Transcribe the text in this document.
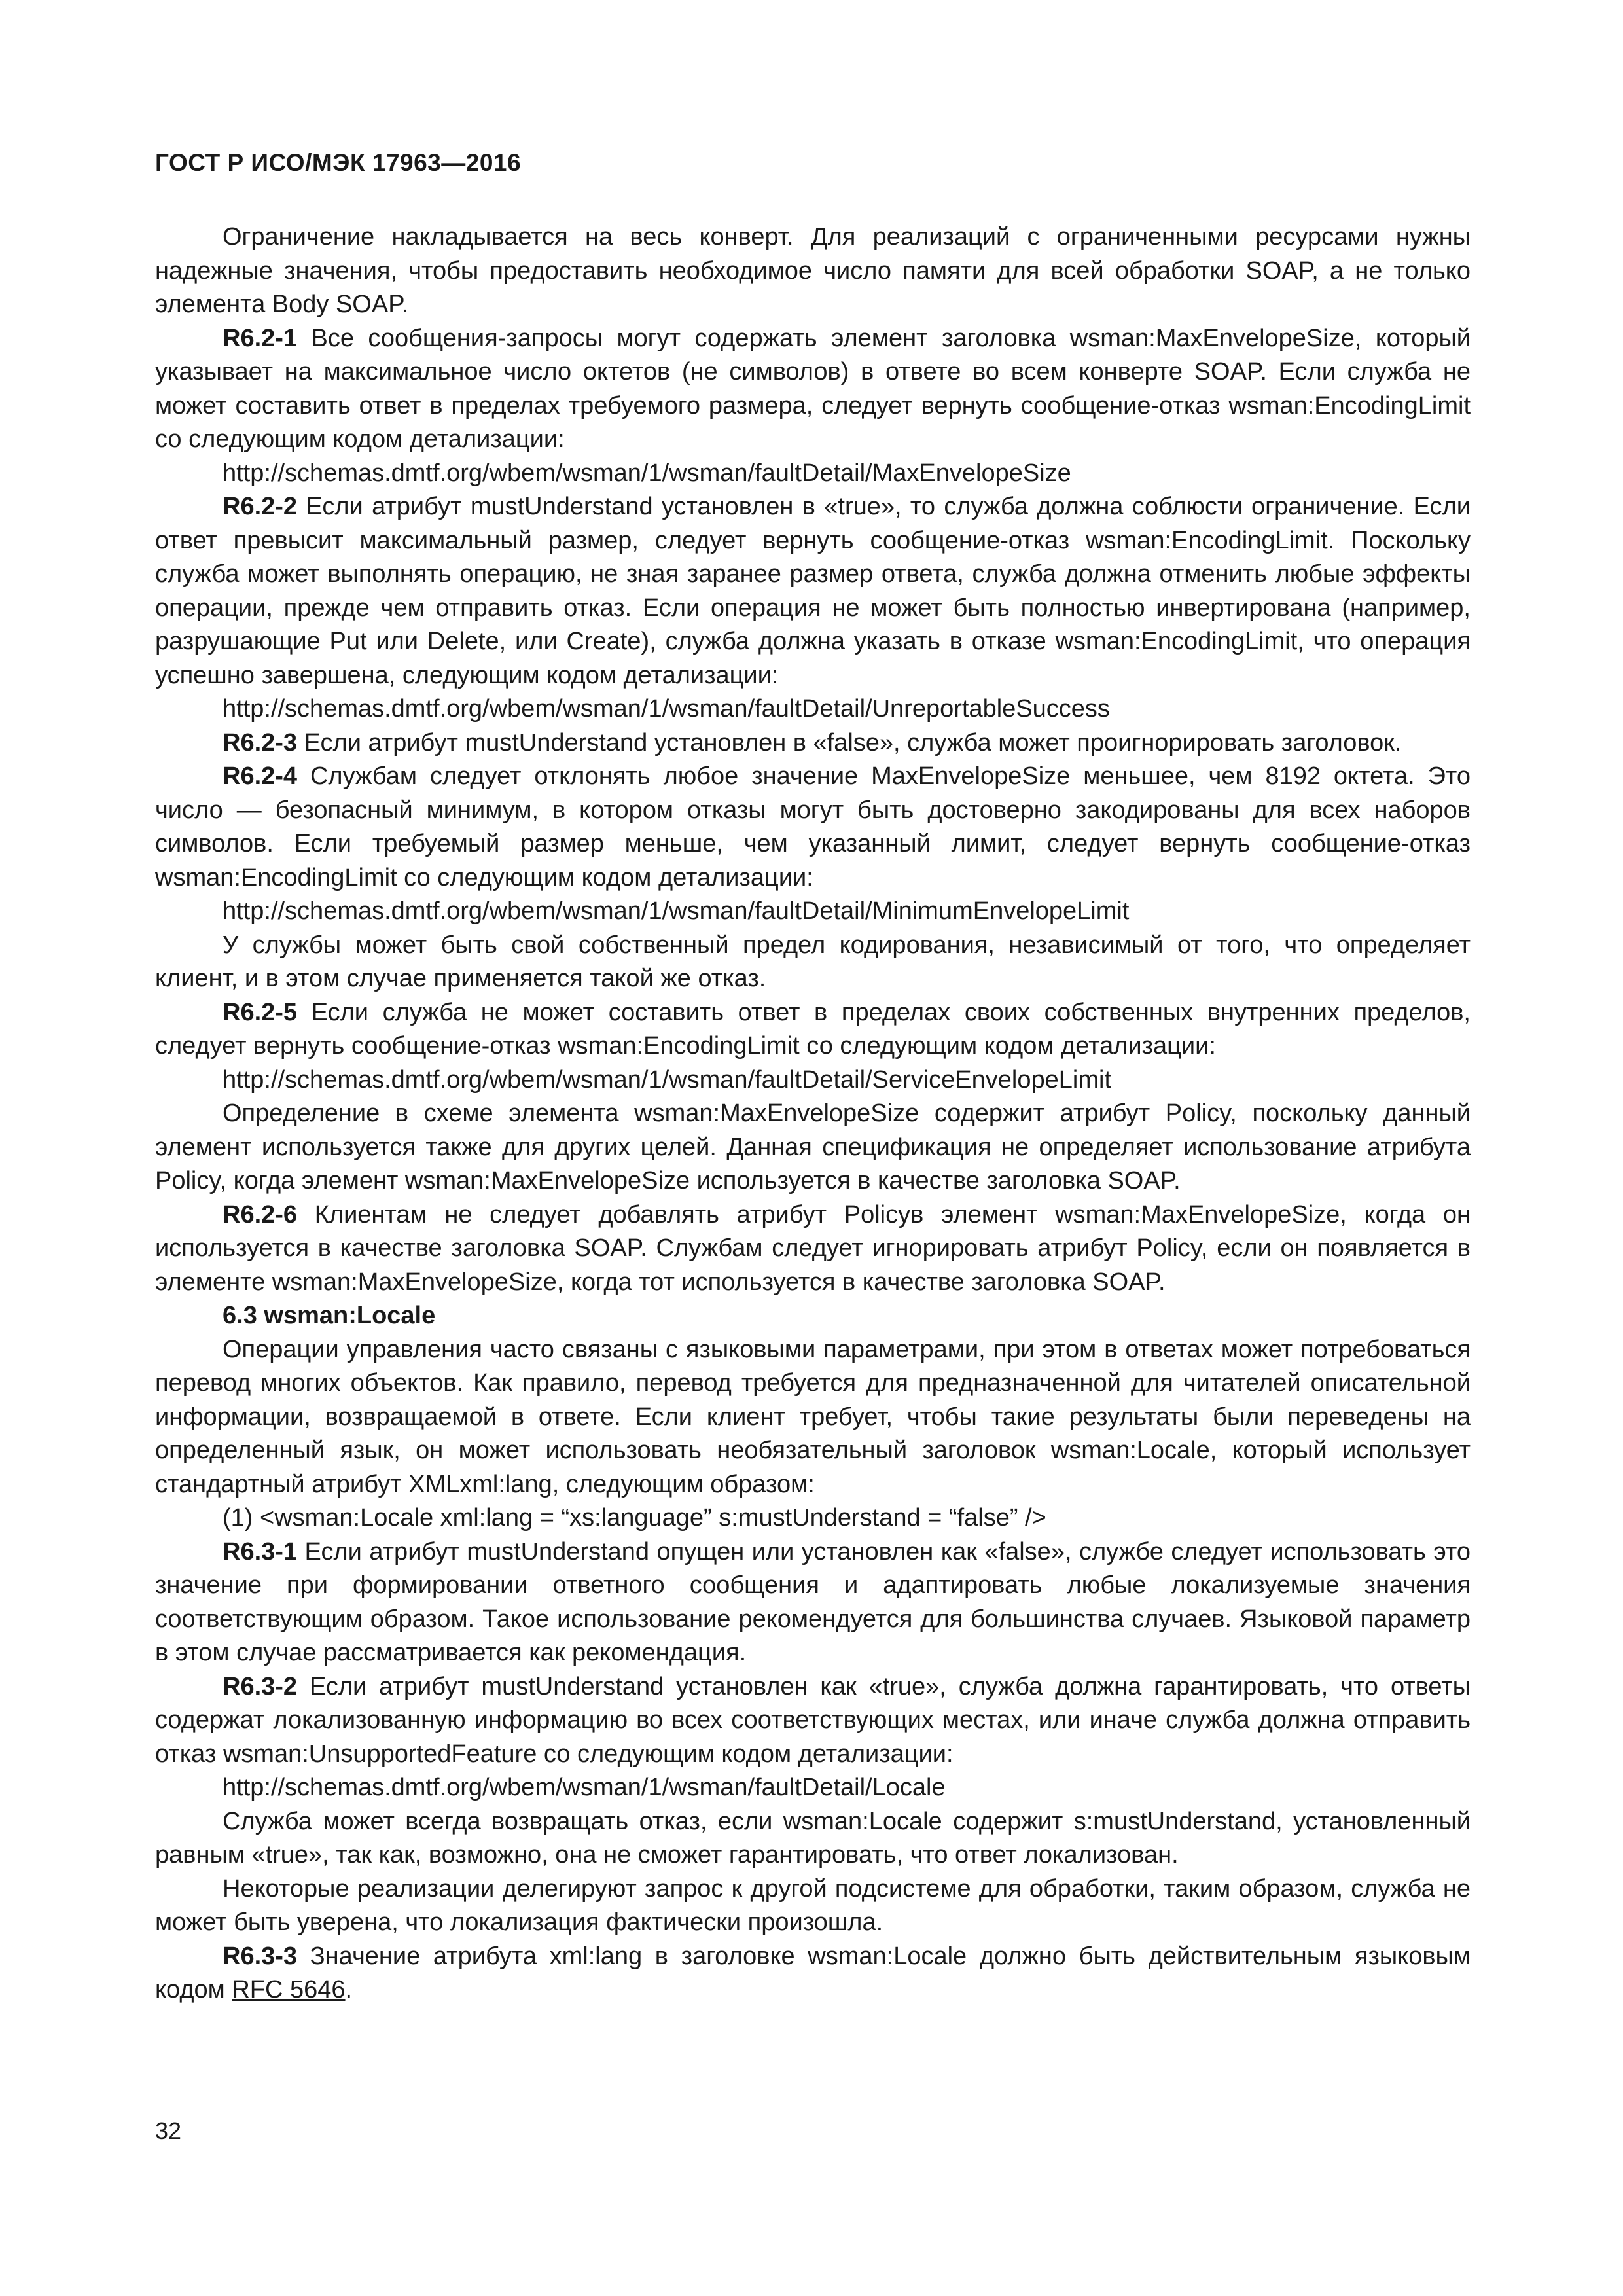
ГОСТ Р ИСО/МЭК 17963—2016

Ограничение накладывается на весь конверт. Для реализаций с ограниченными ресурсами нужны надежные значения, чтобы предоставить необходимое число памяти для всей обработки SOAP, а не только элемента Body SOAP.

R6.2-1 Все сообщения-запросы могут содержать элемент заголовка wsman:MaxEnvelopeSize, который указывает на максимальное число октетов (не символов) в ответе во всем конверте SOAP. Если служба не может составить ответ в пределах требуемого размера, следует вернуть сообщение-отказ wsman:EncodingLimit со следующим кодом детализации:

http://schemas.dmtf.org/wbem/wsman/1/wsman/faultDetail/MaxEnvelopeSize

R6.2-2 Если атрибут mustUnderstand установлен в «true», то служба должна соблюсти ограничение. Если ответ превысит максимальный размер, следует вернуть сообщение-отказ wsman:EncodingLimit. Поскольку служба может выполнять операцию, не зная заранее размер ответа, служба должна отменить любые эффекты операции, прежде чем отправить отказ. Если операция не может быть полностью инвертирована (например, разрушающие Put или Delete, или Create), служба должна указать в отказе wsman:EncodingLimit, что операция успешно завершена, следующим кодом детализации:

http://schemas.dmtf.org/wbem/wsman/1/wsman/faultDetail/UnreportableSuccess

R6.2-3 Если атрибут mustUnderstand установлен в «false», служба может проигнорировать заголовок.

R6.2-4 Службам следует отклонять любое значение MaxEnvelopeSize меньшее, чем 8192 октета. Это число — безопасный минимум, в котором отказы могут быть достоверно закодированы для всех наборов символов. Если требуемый размер меньше, чем указанный лимит, следует вернуть сообщение-отказ wsman:EncodingLimit со следующим кодом детализации:

http://schemas.dmtf.org/wbem/wsman/1/wsman/faultDetail/MinimumEnvelopeLimit

У службы может быть свой собственный предел кодирования, независимый от того, что определяет клиент, и в этом случае применяется такой же отказ.

R6.2-5 Если служба не может составить ответ в пределах своих собственных внутренних пределов, следует вернуть сообщение-отказ wsman:EncodingLimit со следующим кодом детализации:

http://schemas.dmtf.org/wbem/wsman/1/wsman/faultDetail/ServiceEnvelopeLimit

Определение в схеме элемента wsman:MaxEnvelopeSize содержит атрибут Policy, поскольку данный элемент используется также для других целей. Данная спецификация не определяет использование атрибута Policy, когда элемент wsman:MaxEnvelopeSize используется в качестве заголовка SOAP.

R6.2-6 Клиентам не следует добавлять атрибут Policyв элемент wsman:MaxEnvelopeSize, когда он используется в качестве заголовка SOAP. Службам следует игнорировать атрибут Policy, если он появляется в элементе wsman:MaxEnvelopeSize, когда тот используется в качестве заголовка SOAP.

6.3 wsman:Locale

Операции управления часто связаны с языковыми параметрами, при этом в ответах может потребоваться перевод многих объектов. Как правило, перевод требуется для предназначенной для читателей описательной информации, возвращаемой в ответе. Если клиент требует, чтобы такие результаты были переведены на определенный язык, он может использовать необязательный заголовок wsman:Locale, который использует стандартный атрибут XMLxml:lang, следующим образом:

(1) <wsman:Locale xml:lang = “xs:language” s:mustUnderstand = “false” />

R6.3-1 Если атрибут mustUnderstand опущен или установлен как «false», службе следует использовать это значение при формировании ответного сообщения и адаптировать любые локализуемые значения соответствующим образом. Такое использование рекомендуется для большинства случаев. Языковой параметр в этом случае рассматривается как рекомендация.

R6.3-2 Если атрибут mustUnderstand установлен как «true», служба должна гарантировать, что ответы содержат локализованную информацию во всех соответствующих местах, или иначе служба должна отправить отказ wsman:UnsupportedFeature со следующим кодом детализации:

http://schemas.dmtf.org/wbem/wsman/1/wsman/faultDetail/Locale

Служба может всегда возвращать отказ, если wsman:Locale содержит s:mustUnderstand, установленный равным «true», так как, возможно, она не сможет гарантировать, что ответ локализован.

Некоторые реализации делегируют запрос к другой подсистеме для обработки, таким образом, служба не может быть уверена, что локализация фактически произошла.

R6.3-3 Значение атрибута xml:lang в заголовке wsman:Locale должно быть действительным языковым кодом RFC 5646.

32
